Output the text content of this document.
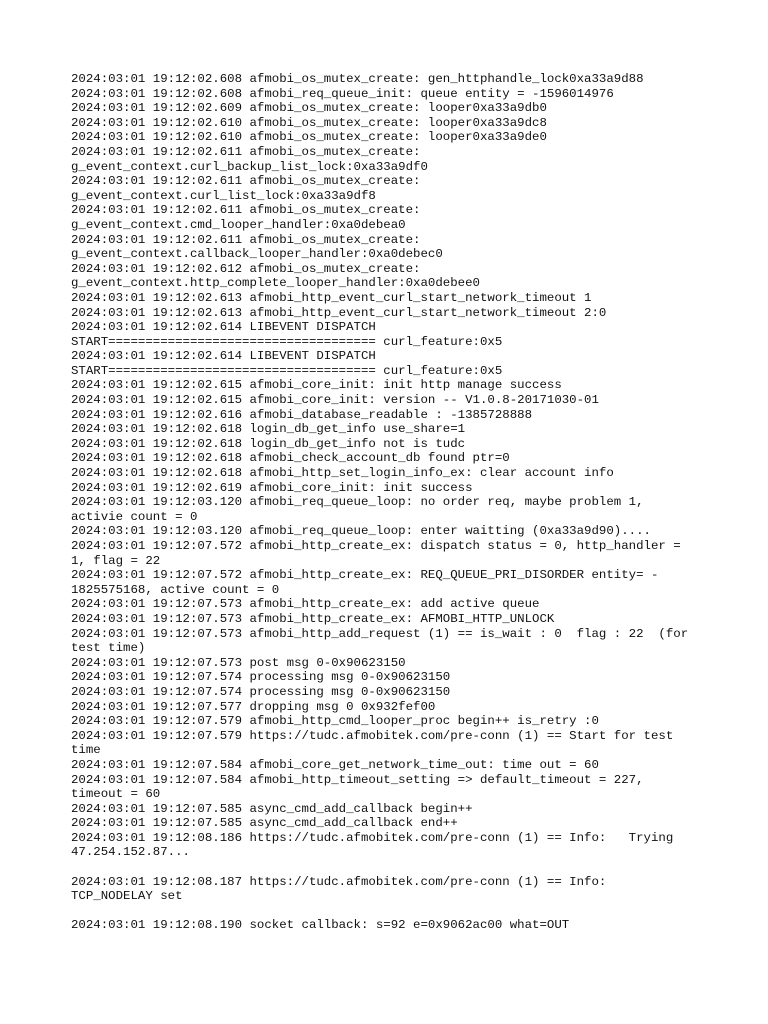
2024:03:01 19:12:02.608 afmobi_os_mutex_create: gen_httphandle_lock0xa33a9d88
2024:03:01 19:12:02.608 afmobi_req_queue_init: queue entity = -1596014976
2024:03:01 19:12:02.609 afmobi_os_mutex_create: looper0xa33a9db0
2024:03:01 19:12:02.610 afmobi_os_mutex_create: looper0xa33a9dc8
2024:03:01 19:12:02.610 afmobi_os_mutex_create: looper0xa33a9de0
2024:03:01 19:12:02.611 afmobi_os_mutex_create:
g_event_context.curl_backup_list_lock:0xa33a9df0
2024:03:01 19:12:02.611 afmobi_os_mutex_create:
g_event_context.curl_list_lock:0xa33a9df8
2024:03:01 19:12:02.611 afmobi_os_mutex_create:
g_event_context.cmd_looper_handler:0xa0debea0
2024:03:01 19:12:02.611 afmobi_os_mutex_create:
g_event_context.callback_looper_handler:0xa0debec0
2024:03:01 19:12:02.612 afmobi_os_mutex_create:
g_event_context.http_complete_looper_handler:0xa0debee0
2024:03:01 19:12:02.613 afmobi_http_event_curl_start_network_timeout 1
2024:03:01 19:12:02.613 afmobi_http_event_curl_start_network_timeout 2:0
2024:03:01 19:12:02.614 LIBEVENT DISPATCH
START==================================== curl_feature:0x5
2024:03:01 19:12:02.614 LIBEVENT DISPATCH
START==================================== curl_feature:0x5
2024:03:01 19:12:02.615 afmobi_core_init: init http manage success
2024:03:01 19:12:02.615 afmobi_core_init: version -- V1.0.8-20171030-01
2024:03:01 19:12:02.616 afmobi_database_readable : -1385728888
2024:03:01 19:12:02.618 login_db_get_info use_share=1
2024:03:01 19:12:02.618 login_db_get_info not is tudc
2024:03:01 19:12:02.618 afmobi_check_account_db found ptr=0
2024:03:01 19:12:02.618 afmobi_http_set_login_info_ex: clear account info
2024:03:01 19:12:02.619 afmobi_core_init: init success
2024:03:01 19:12:03.120 afmobi_req_queue_loop: no order req, maybe problem 1,
activie count = 0
2024:03:01 19:12:03.120 afmobi_req_queue_loop: enter waitting (0xa33a9d90)....
2024:03:01 19:12:07.572 afmobi_http_create_ex: dispatch status = 0, http_handler =
1, flag = 22
2024:03:01 19:12:07.572 afmobi_http_create_ex: REQ_QUEUE_PRI_DISORDER entity= -
1825575168, active count = 0
2024:03:01 19:12:07.573 afmobi_http_create_ex: add active queue
2024:03:01 19:12:07.573 afmobi_http_create_ex: AFMOBI_HTTP_UNLOCK
2024:03:01 19:12:07.573 afmobi_http_add_request (1) == is_wait : 0  flag : 22  (for
test time)
2024:03:01 19:12:07.573 post msg 0-0x90623150
2024:03:01 19:12:07.574 processing msg 0-0x90623150
2024:03:01 19:12:07.574 processing msg 0-0x90623150
2024:03:01 19:12:07.577 dropping msg 0 0x932fef00
2024:03:01 19:12:07.579 afmobi_http_cmd_looper_proc begin++ is_retry :0
2024:03:01 19:12:07.579 https://tudc.afmobitek.com/pre-conn (1) == Start for test
time
2024:03:01 19:12:07.584 afmobi_core_get_network_time_out: time out = 60
2024:03:01 19:12:07.584 afmobi_http_timeout_setting => default_timeout = 227,
timeout = 60
2024:03:01 19:12:07.585 async_cmd_add_callback begin++
2024:03:01 19:12:07.585 async_cmd_add_callback end++
2024:03:01 19:12:08.186 https://tudc.afmobitek.com/pre-conn (1) == Info:   Trying
47.254.152.87...
2024:03:01 19:12:08.187 https://tudc.afmobitek.com/pre-conn (1) == Info:
TCP_NODELAY set
2024:03:01 19:12:08.190 socket callback: s=92 e=0x9062ac00 what=OUT
